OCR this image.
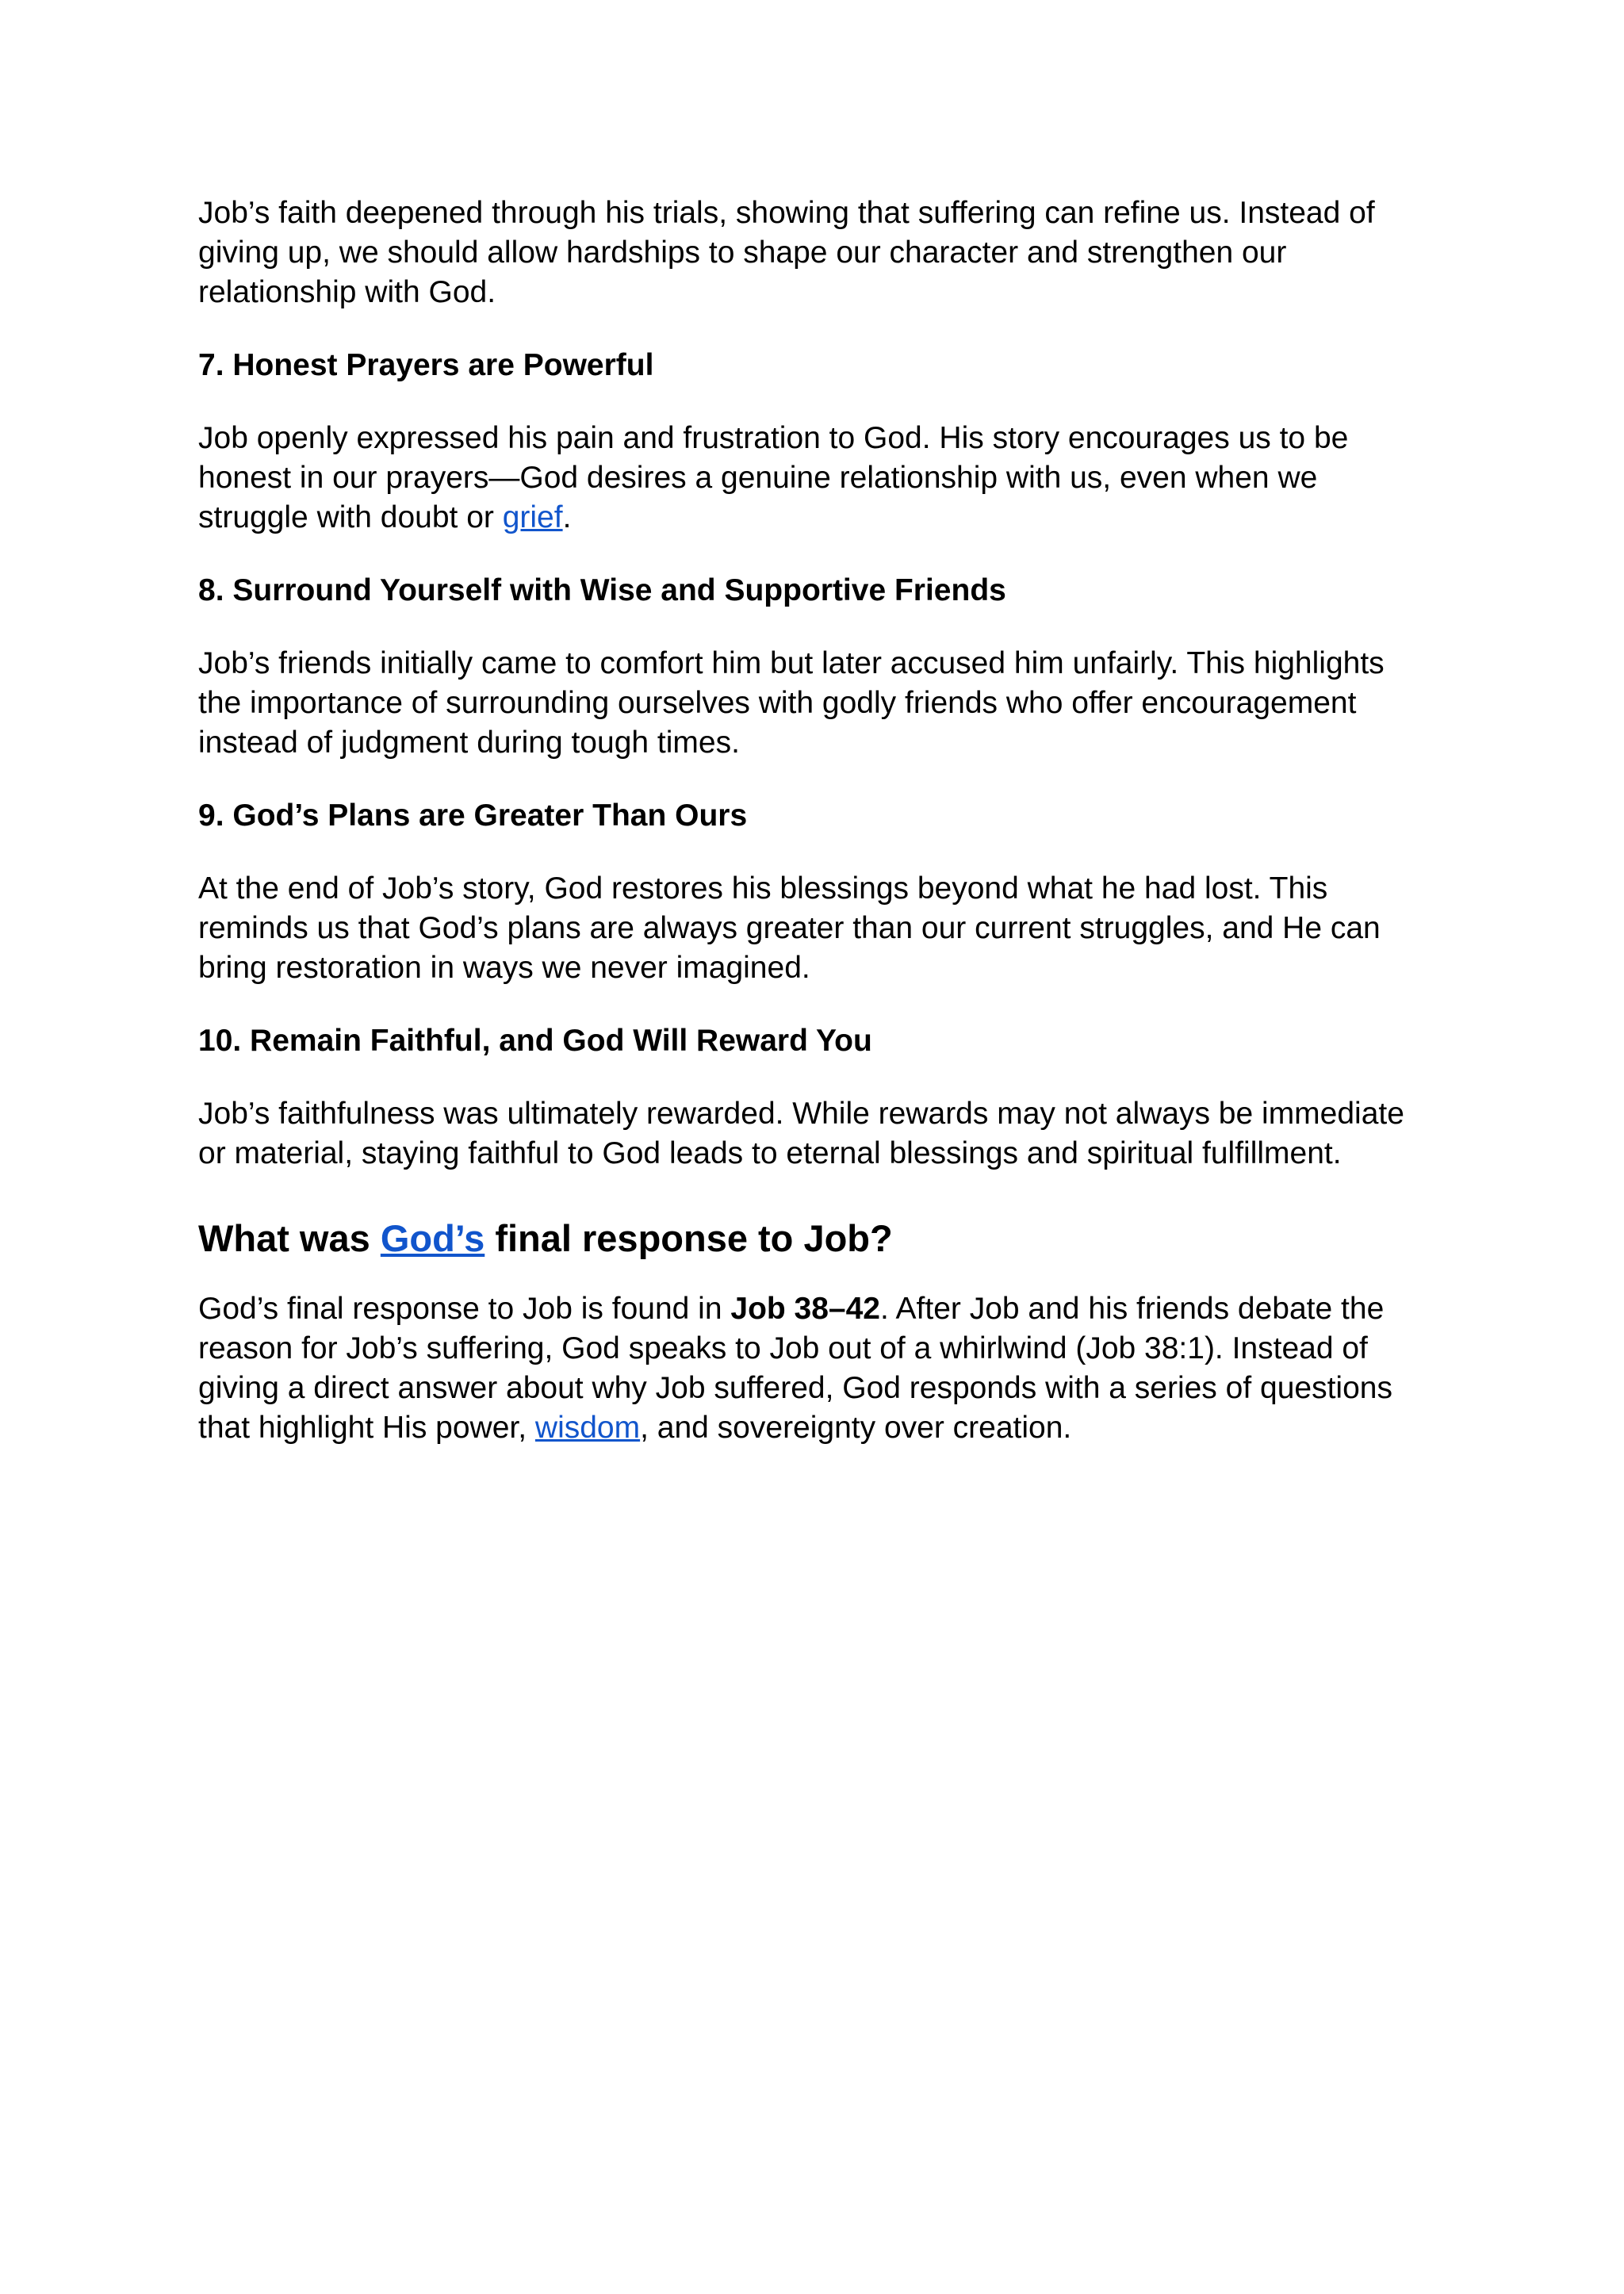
Job’s faith deepened through his trials, showing that suffering can refine us. Instead of giving up, we should allow hardships to shape our character and strengthen our relationship with God.

7. Honest Prayers are Powerful

Job openly expressed his pain and frustration to God. His story encourages us to be honest in our prayers—God desires a genuine relationship with us, even when we struggle with doubt or grief.

8. Surround Yourself with Wise and Supportive Friends

Job’s friends initially came to comfort him but later accused him unfairly. This highlights the importance of surrounding ourselves with godly friends who offer encouragement instead of judgment during tough times.

9. God’s Plans are Greater Than Ours

At the end of Job’s story, God restores his blessings beyond what he had lost. This reminds us that God’s plans are always greater than our current struggles, and He can bring restoration in ways we never imagined.

10. Remain Faithful, and God Will Reward You

Job’s faithfulness was ultimately rewarded. While rewards may not always be immediate or material, staying faithful to God leads to eternal blessings and spiritual fulfillment.

What was God’s final response to Job?

God’s final response to Job is found in Job 38–42. After Job and his friends debate the reason for Job’s suffering, God speaks to Job out of a whirlwind (Job 38:1). Instead of giving a direct answer about why Job suffered, God responds with a series of questions that highlight His power, wisdom, and sovereignty over creation.
